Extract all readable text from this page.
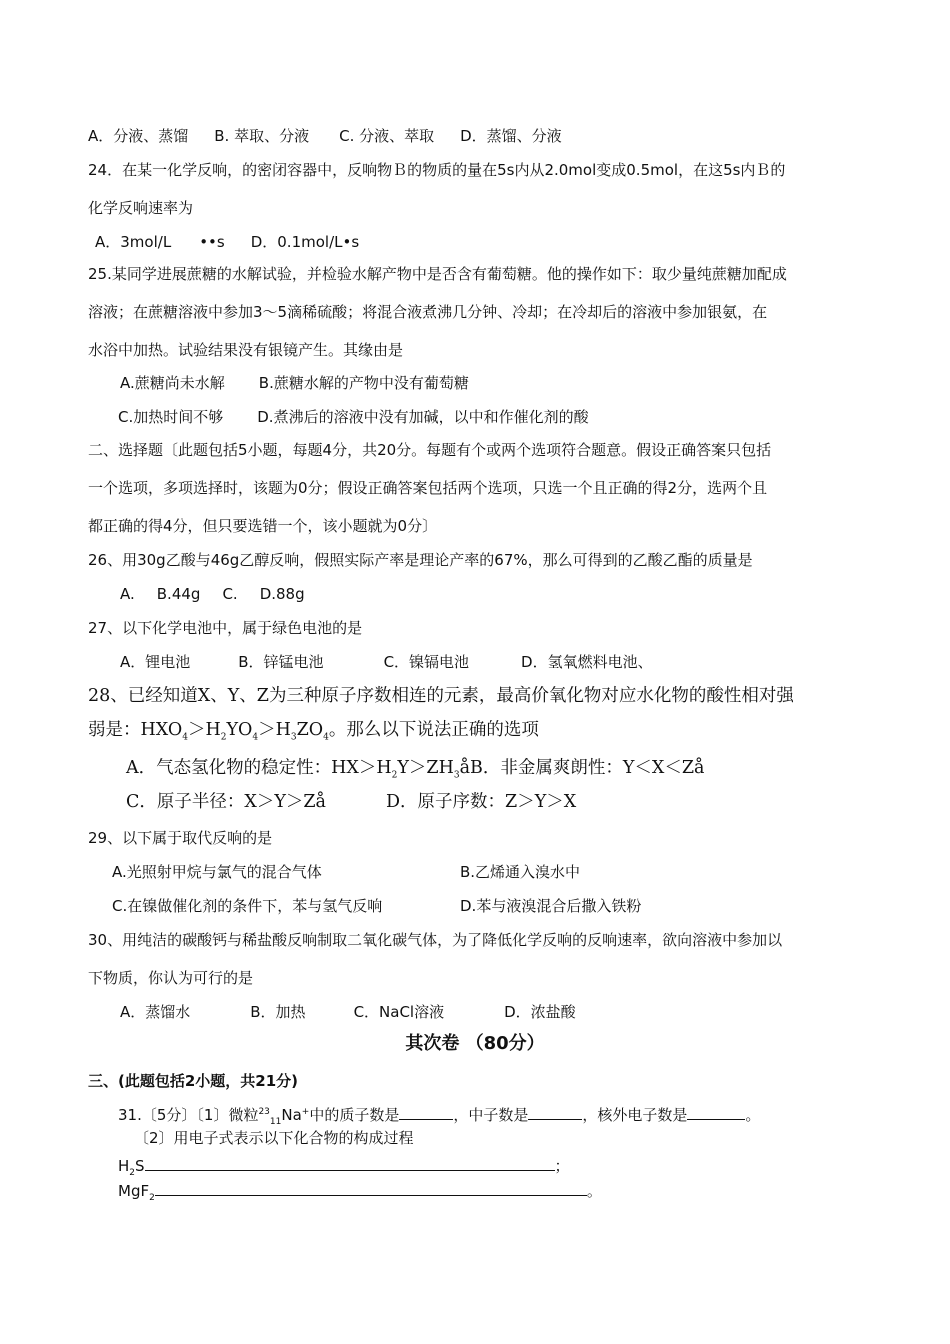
A．分液、蒸馏 B. 萃取、分液 C. 分液、萃取 D．蒸馏、分液
24．在某一化学反响，的密闭容器中，反响物Ｂ的物质的量在5s内从2.0mol变成0.5mol，在这5s内Ｂ的
化学反响速率为
A．3mol/L ••s D．0.1mol/L•s
25.某同学进展蔗糖的水解试验，并检验水解产物中是否含有葡萄糖。他的操作如下：取少量纯蔗糖加配成
溶液；在蔗糖溶液中参加3～5滴稀硫酸；将混合液煮沸几分钟、冷却；在冷却后的溶液中参加银氨，在
水浴中加热。试验结果没有银镜产生。其缘由是
A.蔗糖尚未水解 B.蔗糖水解的产物中没有葡萄糖
C.加热时间不够 D.煮沸后的溶液中没有加碱，以中和作催化剂的酸
二、选择题〔此题包括5小题，每题4分，共20分。每题有个或两个选项符合题意。假设正确答案只包括
一个选项，多项选择时，该题为0分；假设正确答案包括两个选项，只选一个且正确的得2分，选两个且
都正确的得4分，但只要选错一个，该小题就为0分〕
26、用30g乙酸与46g乙醇反响，假照实际产率是理论产率的67%，那么可得到的乙酸乙酯的质量是
A. B.44g C. D.88g
27、以下化学电池中，属于绿色电池的是
A．锂电池	B．锌锰电池	C．镍镉电池	D．氢氧燃料电池、
28、已经知道X、Y、Z为三种原子序数相连的元素，最高价氧化物对应水化物的酸性相对强
弱是：$HXO_4>H_2YO_4>H_3ZO_4$。那么以下说法正确的选项
A．气态氢化物的稳定性：$HX>H_2Y>ZH_3åB$．非金属爽朗性：Y＜X＜Zå
C．原子半径：X＞Y＞Zå	D．原子序数：Z＞Y＞X
29、以下属于取代反响的是
A.光照射甲烷与氯气的混合气体	B.乙烯通入溴水中
C.在镍做催化剂的条件下，苯与氢气反响	D.苯与液溴混合后撒入铁粉
30、用纯洁的碳酸钙与稀盐酸反响制取二氧化碳气体，为了降低化学反响的反响速率，欲向溶液中参加以
下物质，你认为可行的是
A．蒸馏水	B．加热	C．NaCl溶液	D．浓盐酸
其次卷 （80分）
三、(此题包括2小题，共21分)
31.〔5分〕〔1〕微粒$^{23}_{11}$Na+中的质子数是	，中子数是	，核外电子数是	。
〔2〕用电子式表示以下化合物的构成过程
$H_2S$	；
MgF$_2$	。
